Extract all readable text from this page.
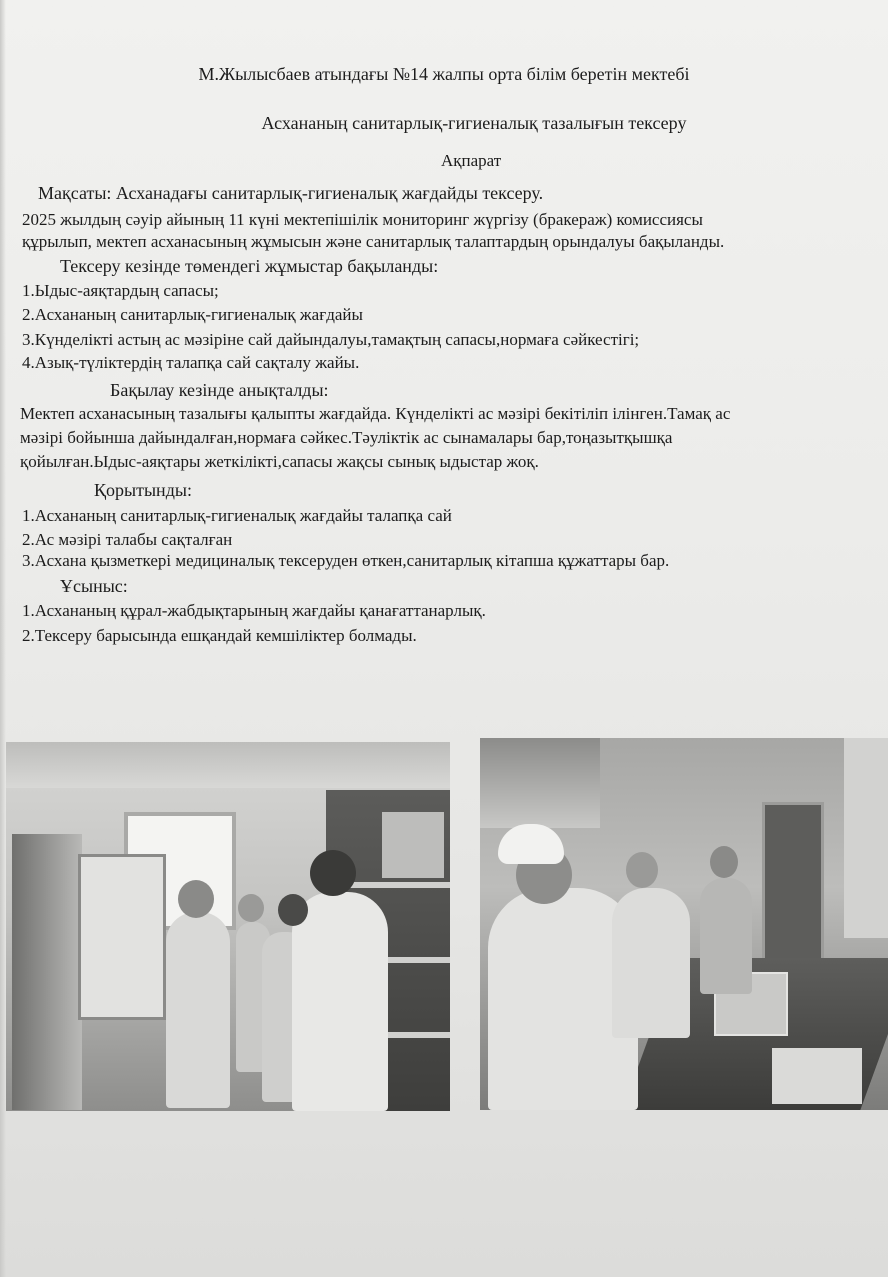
М.Жылысбаев атындағы №14 жалпы орта білім беретін мектебі
Асхананың санитарлық-гигиеналық тазалығын тексеру
Ақпарат
Мақсаты: Асханадағы санитарлық-гигиеналық жағдайды тексеру.
2025 жылдың сәуір айының 11 күні мектепішілік мониторинг жүргізу (бракераж) комиссиясы
құрылып, мектеп асханасының жұмысын және санитарлық талаптардың орындалуы бақыланды.
Тексеру кезінде төмендегі жұмыстар бақыланды:
1.Ыдыс-аяқтардың сапасы;
2.Асхананың санитарлық-гигиеналық жағдайы
3.Күнделікті астың ас мәзіріне сай дайындалуы,тамақтың сапасы,нормаға сәйкестігі;
4.Азық-түліктердің талапқа сай сақталу жайы.
Бақылау кезінде анықталды:
Мектеп асханасының тазалығы қалыпты жағдайда. Күнделікті ас мәзірі бекітіліп ілінген.Тамақ ас
мәзірі бойынша дайындалған,нормаға сәйкес.Тәуліктік ас сынамалары бар,тоңазытқышқа
қойылған.Ыдыс-аяқтары жеткілікті,сапасы жақсы сынық ыдыстар жоқ.
Қорытынды:
1.Асхананың санитарлық-гигиеналық жағдайы талапқа сай
2.Ас мәзірі талабы сақталған
3.Асхана қызметкері медициналық тексеруден өткен,санитарлық кітапша құжаттары бар.
Ұсыныс:
1.Асхананың құрал-жабдықтарының жағдайы қанағаттанарлық.
2.Тексеру барысында ешқандай кемшіліктер болмады.
